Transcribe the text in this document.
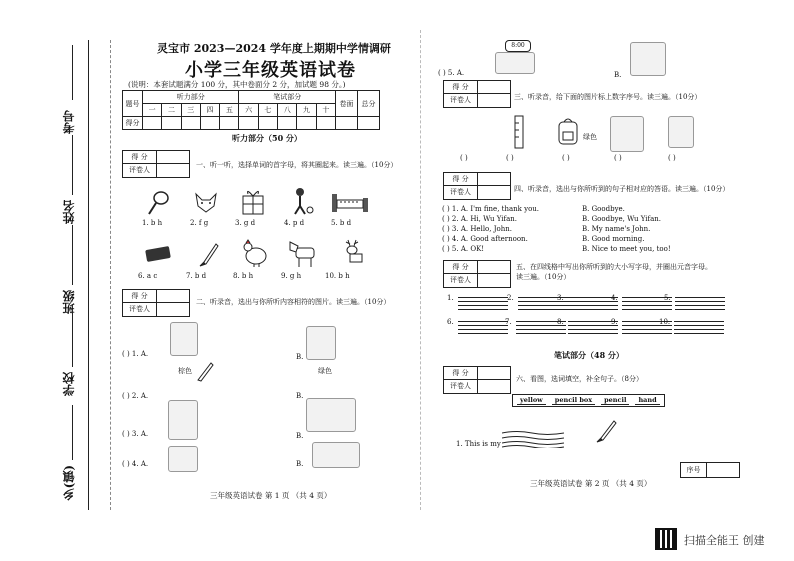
考号
姓名
班级
学校
乡(镇)
灵宝市 2023—2024 学年度上期期中学情调研
小学三年级英语试卷
(说明：本套试题满分 100 分，其中卷面分 2 分，加试题 98 分。)
题号	听力部分					笔试部分					卷面	总分
	一	二	三	四	五	六	七	八	九	十		
得分												
听力部分（50 分）
得 分
评卷人
一、听一听，选择单词的首字母，将其圈起来。读三遍。（10分）
1. b h	2. f g	3. g d	4. p d	5. b d
6. a c	7. b d	8. b h	9. g h	10. b h
得 分
评卷人
二、听录音，选出与你所听内容相符的图片。读三遍。（10分）
( ) 1. A.
棕色
B.
绿色
( ) 2. A.	B.
( ) 3. A.	B.
( ) 4. A.	B.
三年级英语试卷 第 1 页 （共 4 页）
8:00
( ) 5. A.	B.
得 分
评卷人	三、听录音，给下面的图片标上数字序号。读三遍。（10分）
绿色
( )	( )	( )	( )	( )
得 分
评卷人	四、听录音，选出与你所听到的句子相对应的答语。读三遍。（10分）
( ) 1. A. I'm fine, thank you.	B. Goodbye.
( ) 2. A. Hi, Wu Yifan.	B. Goodbye, Wu Yifan.
( ) 3. A. Hello, John.	B. My name's John.
( ) 4. A. Good afternoon.	B. Good morning.
( ) 5. A. OK!	B. Nice to meet you, too!
得 分
评卷人
五、在四线格中写出你所听到的大小写字母，并圈出元音字母。读三遍。（10分）
1.	2.	3.	4.	5.
6.	7.	8.	9.	10.
笔试部分（48 分）
得 分
评卷人
六、看图，选词填空，补全句子。（8分）
yellow	pencil box	pencil	hand
1. This is my
序号
三年级英语试卷 第 2 页 （共 4 页）
扫描全能王 创建
